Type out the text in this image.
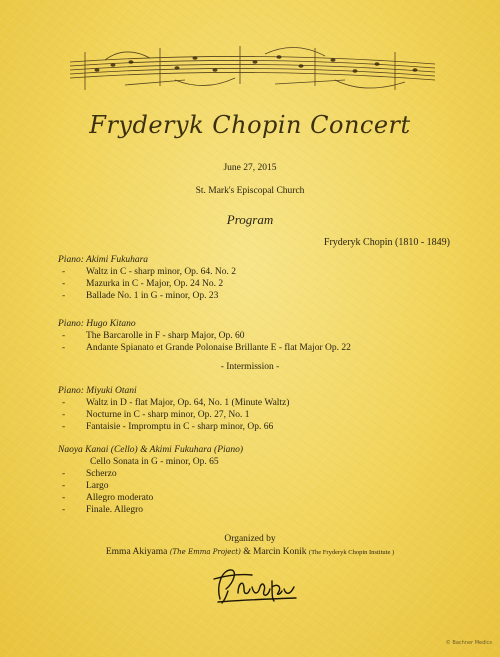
Fryderyk Chopin Concert
June 27, 2015
St. Mark's Episcopal Church
Program
Fryderyk Chopin (1810 - 1849)
Piano: Akimi Fukuhara
- Waltz in C - sharp minor, Op. 64. No. 2
- Mazurka in C - Major, Op. 24 No. 2
- Ballade No. 1 in G - minor, Op. 23
Piano: Hugo Kitano
- The Barcarolle in F - sharp Major, Op. 60
- Andante Spianato et Grande Polonaise Brillante E - flat Major Op. 22
- Intermission -
Piano: Miyuki Otani
- Waltz in D - flat Major, Op. 64, No. 1 (Minute Waltz)
- Nocturne in C - sharp minor, Op. 27, No. 1
- Fantaisie - Impromptu in C - sharp minor, Op. 66
Naoya Kanai (Cello) & Akimi Fukuhara (Piano)
Cello Sonata in G - minor, Op. 65
- Scherzo
- Largo
- Allegro moderato
- Finale. Allegro
Organized by
Emma Akiyama (The Emma Project) & Marcin Konik (The Fryderyk Chopin Institute )
© Bachner Medics
